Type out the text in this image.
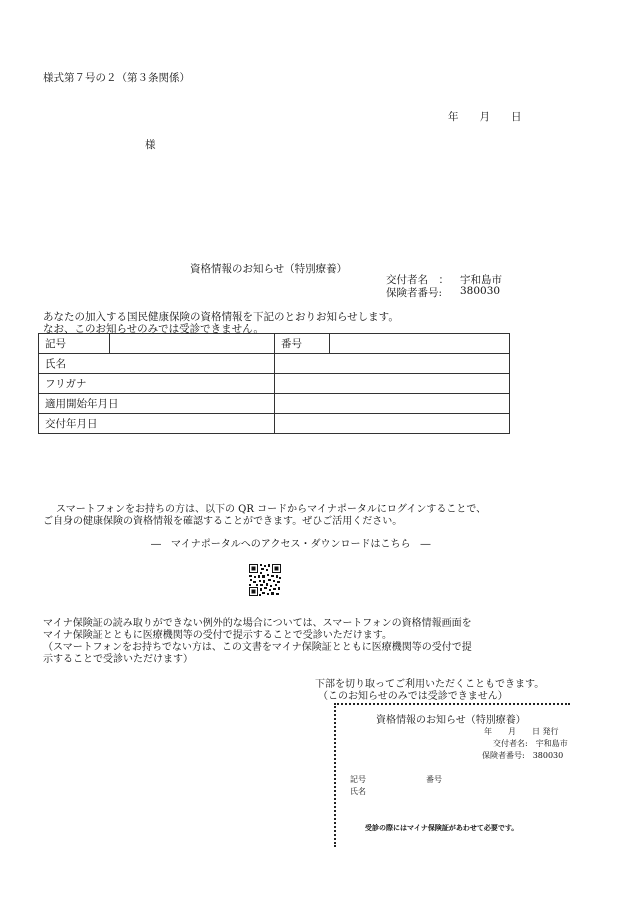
様式第７号の２（第３条関係）
年　　月　　日
様
資格情報のお知らせ（特別療養）
交付者名　： 宇和島市
保険者番号: 380030
あなたの加入する国民健康保険の資格情報を下記のとおりお知らせします。
なお、このお知らせのみでは受診できません。
記号		番号	
氏名			
フリガナ			
適用開始年月日			
交付年月日			
スマートフォンをお持ちの方は、以下の QR コードからマイナポータルにログインすることで、
ご自身の健康保険の資格情報を確認することができます。ぜひご活用ください。
―　マイナポータルへのアクセス・ダウンロードはこちら　―
マイナ保険証の読み取りができない例外的な場合については、スマートフォンの資格情報画面を
マイナ保険証とともに医療機関等の受付で提示することで受診いただけます。
（スマートフォンをお持ちでない方は、この文書をマイナ保険証とともに医療機関等の受付で提
示することで受診いただけます）
下部を切り取ってご利用いただくこともできます。
（このお知らせのみでは受診できません）
資格情報のお知らせ（特別療養）
年　　月　　日 発行
交付者名:　宇和島市
保険者番号:　380030
記号	番号
氏名
受診の際にはマイナ保険証があわせて必要です。
